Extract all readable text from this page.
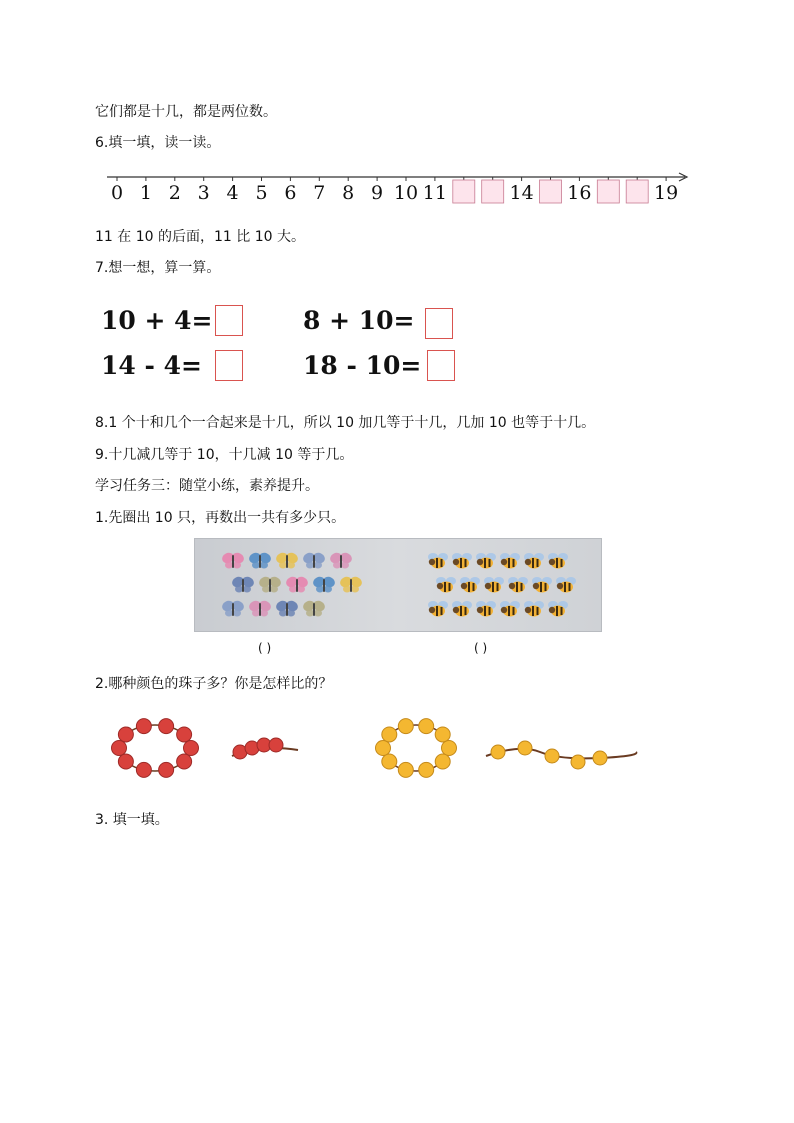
它们都是十几，都是两位数。
6.填一填，读一读。
0 1 2 3 4 5 6 7 8 9 10 11	14 16	19
11 在 10 的后面，11 比 10 大。
7.想一想，算一算。
10 + 4=	8 + 10=
14 - 4=	18 - 10=
8.1 个十和几个一合起来是十几，所以 10 加几等于十几，几加 10 也等于十几。
9.十几减几等于 10，十几减 10 等于几。
学习任务三：随堂小练，素养提升。
1.先圈出 10 只，再数出一共有多少只。
( )	( )
2.哪种颜色的珠子多？你是怎样比的？
3. 填一填。
